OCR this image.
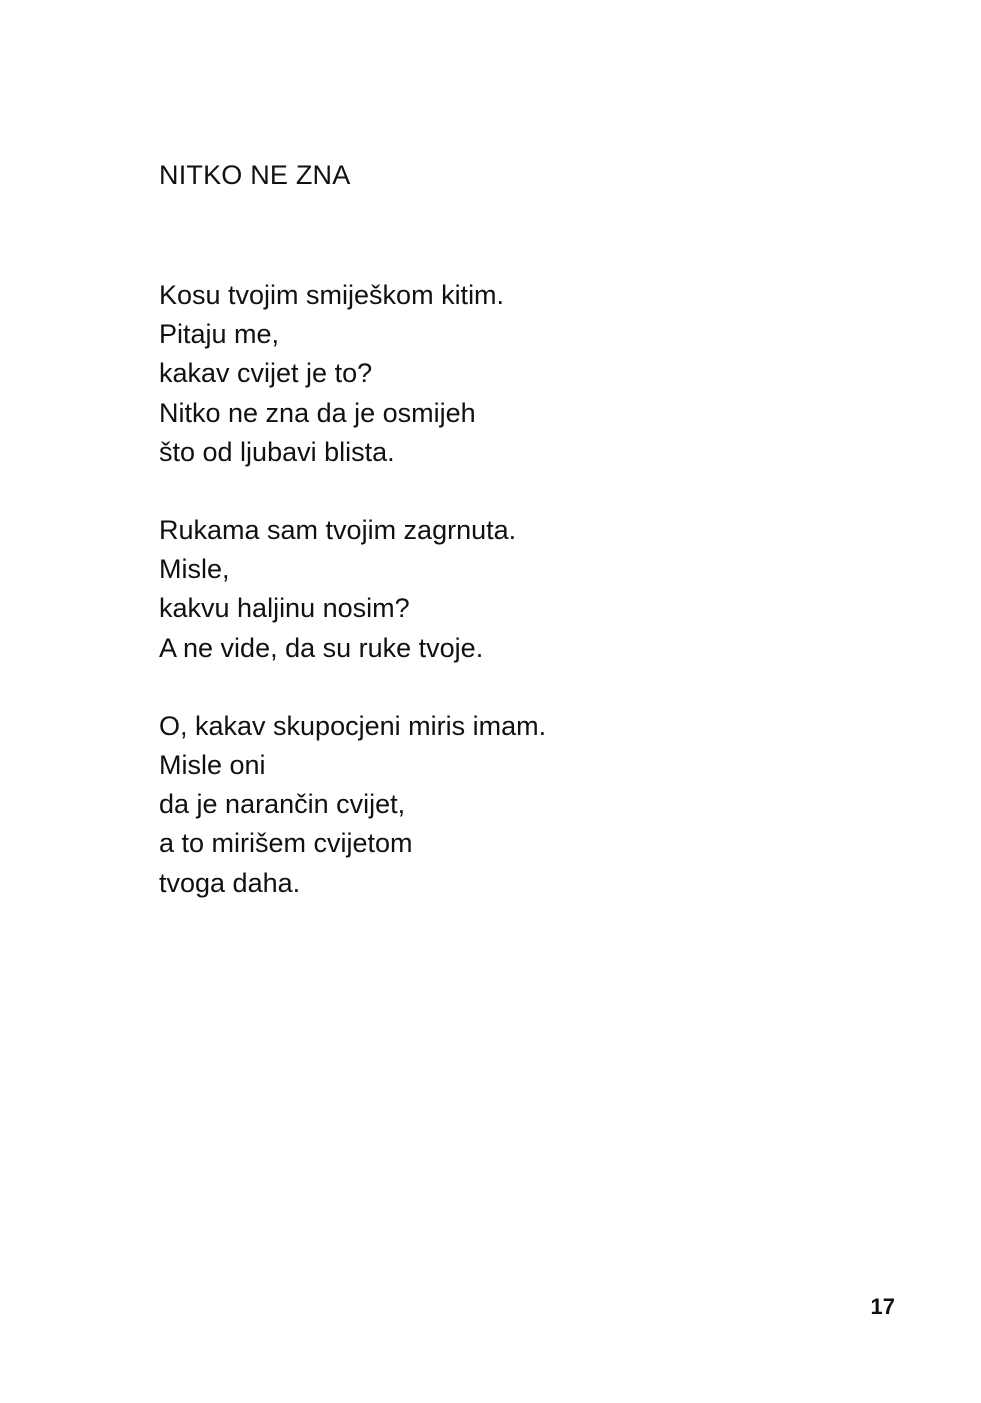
NITKO NE ZNA
Kosu tvojim smiješkom kitim.
Pitaju me,
kakav cvijet je to?
Nitko ne zna da je osmijeh
što od ljubavi blista.
Rukama sam tvojim zagrnuta.
Misle,
kakvu haljinu nosim?
A ne vide, da su ruke tvoje.
O, kakav skupocjeni miris imam.
Misle oni
da je narančin cvijet,
a to mirišem cvijetom
tvoga daha.
17
